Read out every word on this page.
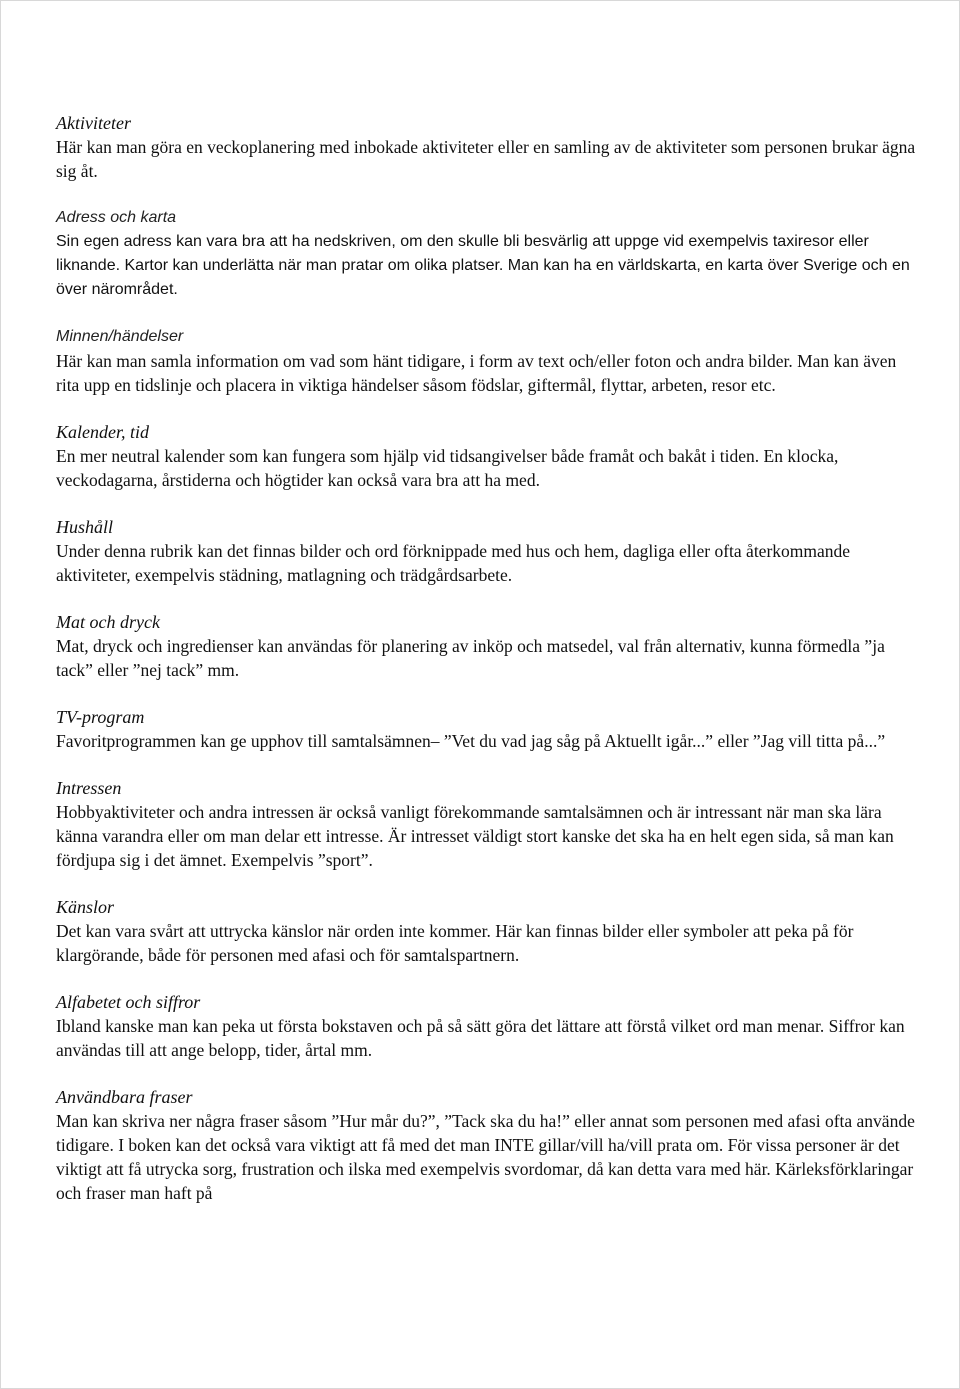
Aktiviteter

Här kan man göra en veckoplanering med inbokade aktiviteter eller en samling av de aktiviteter som personen brukar ägna sig åt.

Adress och karta

Sin egen adress kan vara bra att ha nedskriven, om den skulle bli besvärlig att uppge vid exempelvis taxiresor eller liknande. Kartor kan underlätta när man pratar om olika platser. Man kan ha en världskarta, en karta över Sverige och en över närområdet.

Minnen/händelser

Här kan man samla information om vad som hänt tidigare, i form av text och/eller foton och andra bilder. Man kan även rita upp en tidslinje och placera in viktiga händelser såsom födslar, giftermål, flyttar, arbeten, resor etc.

Kalender, tid

En mer neutral kalender som kan fungera som hjälp vid tidsangivelser både framåt och bakåt i tiden. En klocka, veckodagarna, årstiderna och högtider kan också vara bra att ha med.

Hushåll

Under denna rubrik kan det finnas bilder och ord förknippade med hus och hem, dagliga eller ofta återkommande aktiviteter, exempelvis städning, matlagning och trädgårdsarbete.

Mat och dryck

Mat, dryck och ingredienser kan användas för planering av inköp och matsedel, val från alternativ, kunna förmedla ”ja tack” eller ”nej tack” mm.

TV-program

Favoritprogrammen kan ge upphov till samtalsämnen– ”Vet du vad jag såg på Aktuellt igår...” eller ”Jag vill titta på...”

Intressen

Hobbyaktiviteter och andra intressen är också vanligt förekommande samtalsämnen och är intressant när man ska lära känna varandra eller om man delar ett intresse. Är intresset väldigt stort kanske det ska ha en helt egen sida, så man kan fördjupa sig i det ämnet. Exempelvis ”sport”.

Känslor

Det kan vara svårt att uttrycka känslor när orden inte kommer. Här kan finnas bilder eller symboler att peka på för klargörande, både för personen med afasi och för samtalspartnern.

Alfabetet och siffror

Ibland kanske man kan peka ut första bokstaven och på så sätt göra det lättare att förstå vilket ord man menar. Siffror kan användas till att ange belopp, tider, årtal mm.

Användbara fraser

Man kan skriva ner några fraser såsom ”Hur mår du?”, ”Tack ska du ha!” eller annat som personen med afasi ofta använde tidigare. I boken kan det också vara viktigt att få med det man INTE gillar/vill ha/vill prata om. För vissa personer är det viktigt att få utrycka sorg, frustration och ilska med exempelvis svordomar, då kan detta vara med här. Kärleksförklaringar och fraser man haft på
